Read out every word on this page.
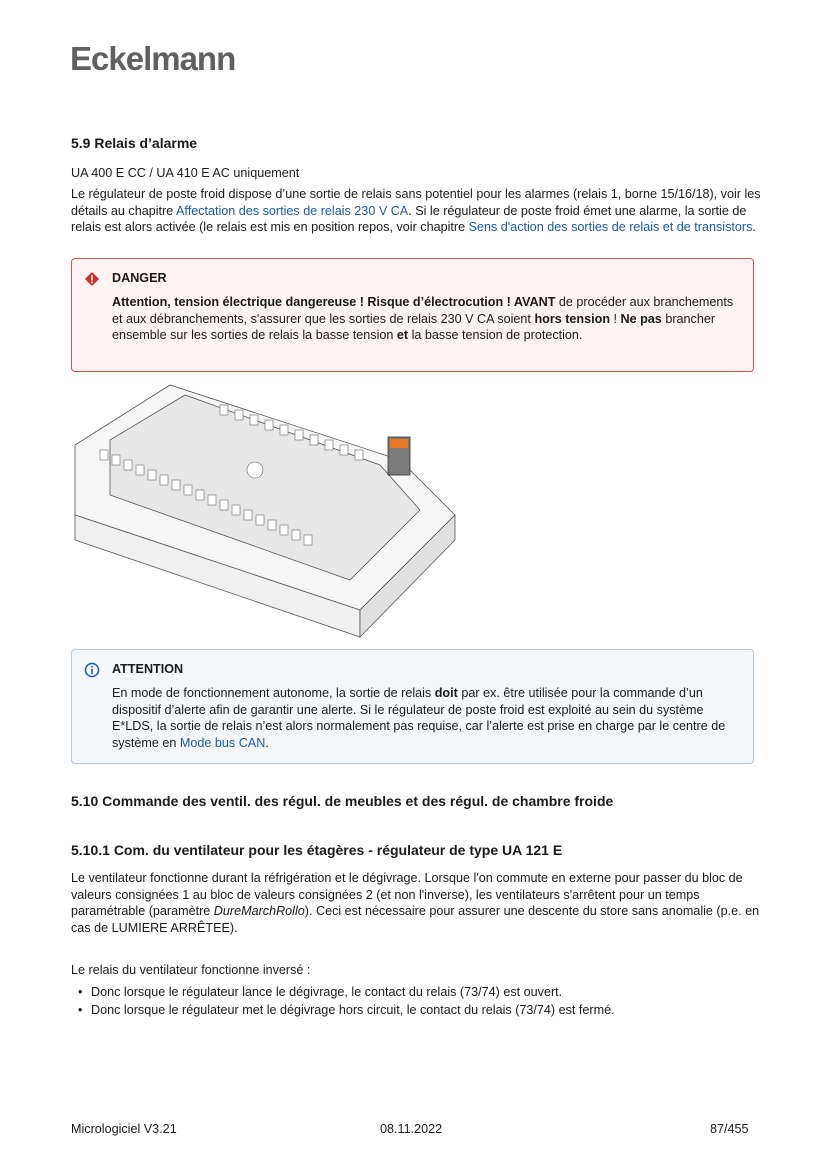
Eckelmann
5.9 Relais d’alarme
UA 400 E CC / UA 410 E AC uniquement
Le régulateur de poste froid dispose d’une sortie de relais sans potentiel pour les alarmes (relais 1, borne 15/16/18), voir les détails au chapitre Affectation des sorties de relais 230 V CA. Si le régulateur de poste froid émet une alarme, la sortie de relais est alors activée (le relais est mis en position repos, voir chapitre Sens d'action des sorties de relais et de transistors.
DANGER
Attention, tension électrique dangereuse ! Risque d’électrocution ! AVANT de procéder aux branchements et aux débranchements, s'assurer que les sorties de relais 230 V CA soient hors tension ! Ne pas brancher ensemble sur les sorties de relais la basse tension et la basse tension de protection.
ATTENTION
En mode de fonctionnement autonome, la sortie de relais doit par ex. être utilisée pour la commande d’un dispositif d’alerte afin de garantir une alerte. Si le régulateur de poste froid est exploité au sein du système E*LDS, la sortie de relais n’est alors normalement pas requise, car l’alerte est prise en charge par le centre de système en Mode bus CAN.
5.10 Commande des ventil. des régul. de meubles et des régul. de chambre froide
5.10.1 Com. du ventilateur pour les étagères - régulateur de type UA 121 E
Le ventilateur fonctionne durant la réfrigération et le dégivrage. Lorsque l'on commute en externe pour passer du bloc de valeurs consignées 1 au bloc de valeurs consignées 2 (et non l'inverse), les ventilateurs s'arrêtent pour un temps paramétrable (paramètre DureMarchRollo). Ceci est nécessaire pour assurer une descente du store sans anomalie (p.e. en cas de LUMIERE ARRÊTEE).
Le relais du ventilateur fonctionne inversé :
• Donc lorsque le régulateur lance le dégivrage, le contact du relais (73/74) est ouvert.
• Donc lorsque le régulateur met le dégivrage hors circuit, le contact du relais (73/74) est fermé.
Micrologiciel V3.21	08.11.2022	87/455
